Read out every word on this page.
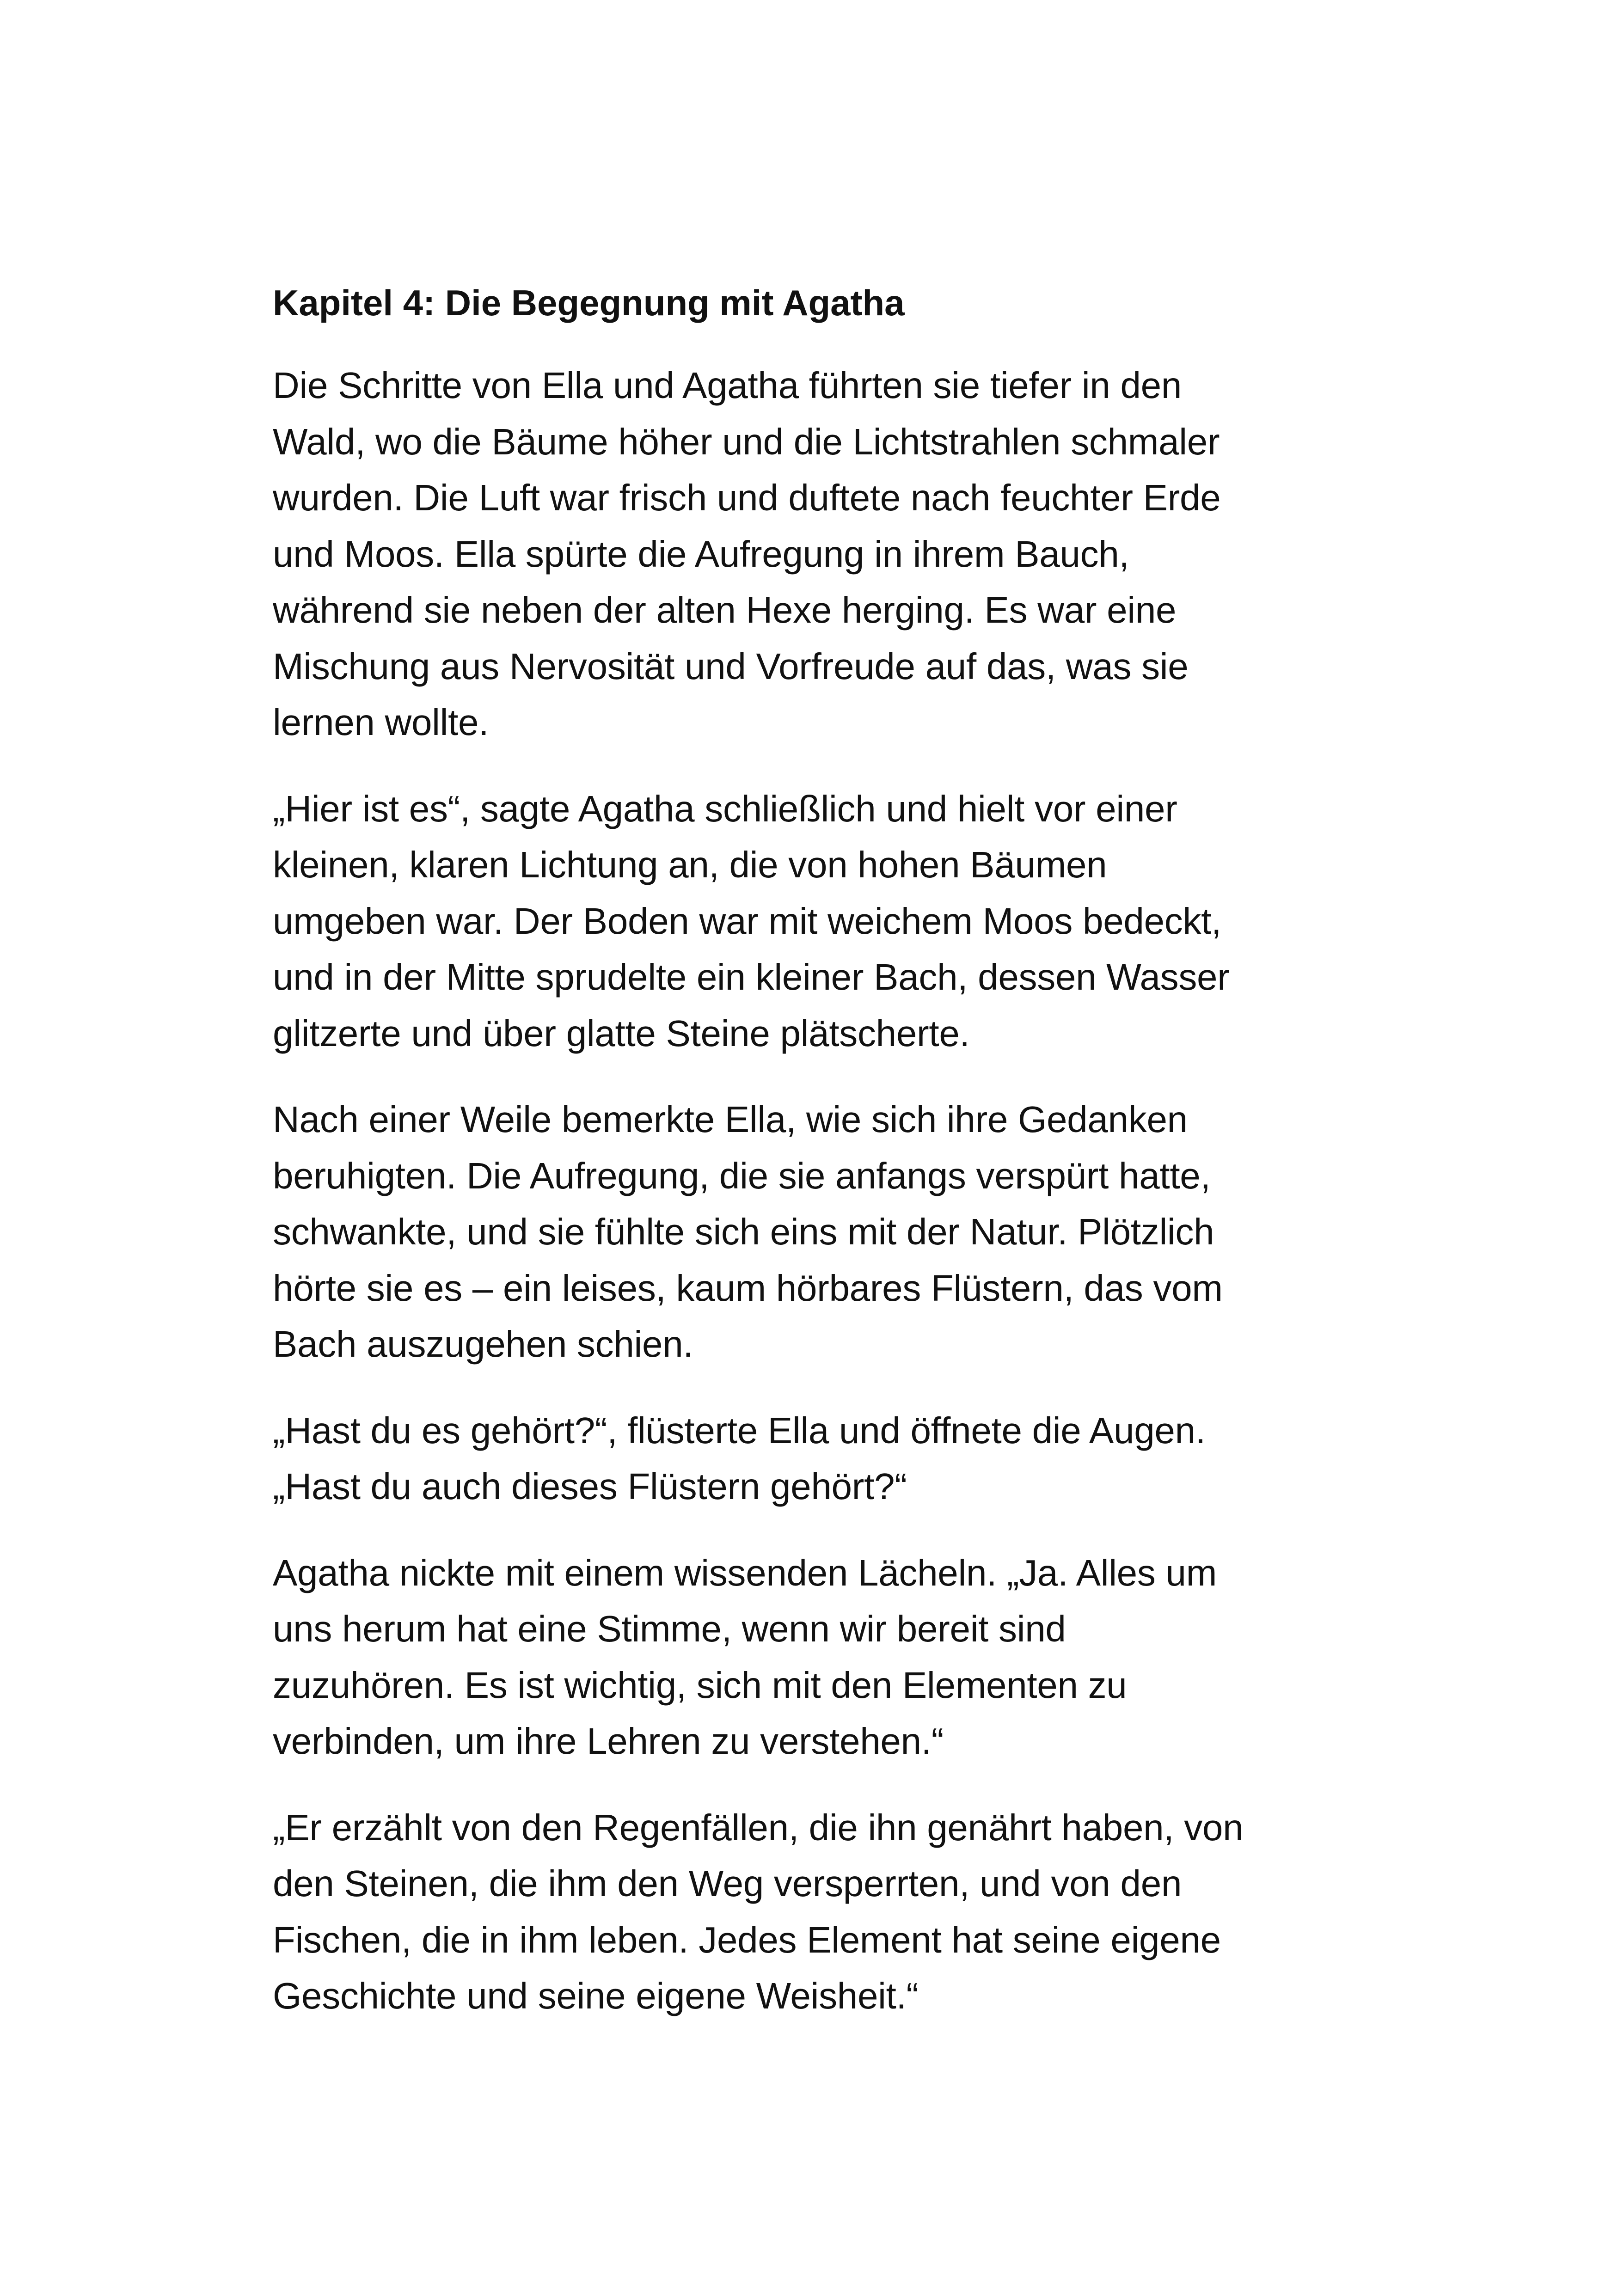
Kapitel 4: Die Begegnung mit Agatha

Die Schritte von Ella und Agatha führten sie tiefer in den
Wald, wo die Bäume höher und die Lichtstrahlen schmaler
wurden. Die Luft war frisch und duftete nach feuchter Erde
und Moos. Ella spürte die Aufregung in ihrem Bauch,
während sie neben der alten Hexe herging. Es war eine
Mischung aus Nervosität und Vorfreude auf das, was sie
lernen wollte.

„Hier ist es“, sagte Agatha schließlich und hielt vor einer
kleinen, klaren Lichtung an, die von hohen Bäumen
umgeben war. Der Boden war mit weichem Moos bedeckt,
und in der Mitte sprudelte ein kleiner Bach, dessen Wasser
glitzerte und über glatte Steine plätscherte.

Nach einer Weile bemerkte Ella, wie sich ihre Gedanken
beruhigten. Die Aufregung, die sie anfangs verspürt hatte,
schwankte, und sie fühlte sich eins mit der Natur. Plötzlich
hörte sie es – ein leises, kaum hörbares Flüstern, das vom
Bach auszugehen schien.

„Hast du es gehört?“, flüsterte Ella und öffnete die Augen.
„Hast du auch dieses Flüstern gehört?“

Agatha nickte mit einem wissenden Lächeln. „Ja. Alles um
uns herum hat eine Stimme, wenn wir bereit sind
zuzuhören. Es ist wichtig, sich mit den Elementen zu
verbinden, um ihre Lehren zu verstehen.“

„Er erzählt von den Regenfällen, die ihn genährt haben, von
den Steinen, die ihm den Weg versperrten, und von den
Fischen, die in ihm leben. Jedes Element hat seine eigene
Geschichte und seine eigene Weisheit.“
